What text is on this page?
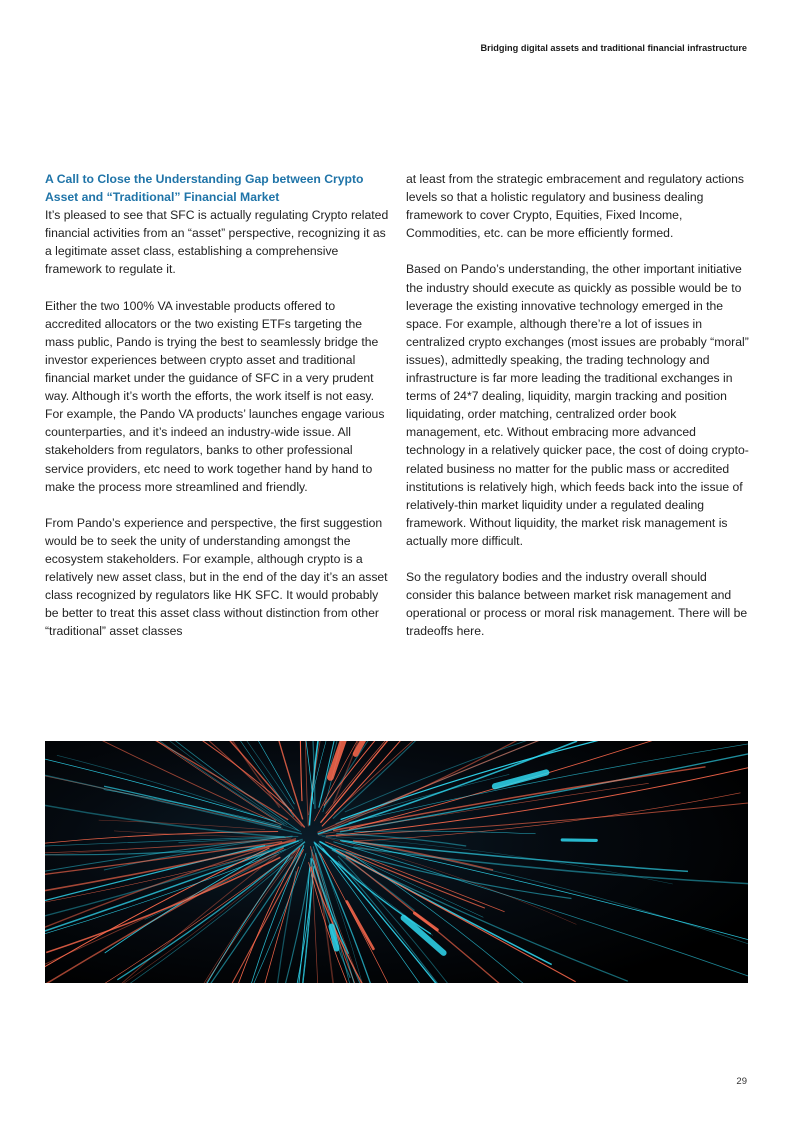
Bridging digital assets and traditional financial infrastructure

A Call to Close the Understanding Gap between Crypto Asset and “Traditional” Financial Market
It’s pleased to see that SFC is actually regulating Crypto related financial activities from an “asset” perspective, recognizing it as a legitimate asset class, establishing a comprehensive framework to regulate it.

Either the two 100% VA investable products offered to accredited allocators or the two existing ETFs targeting the mass public, Pando is trying the best to seamlessly bridge the investor experiences between crypto asset and traditional financial market under the guidance of SFC in a very prudent way. Although it’s worth the efforts, the work itself is not easy. For example, the Pando VA products’ launches engage various counterparties, and it’s indeed an industry-wide issue. All stakeholders from regulators, banks to other professional service providers, etc need to work together hand by hand to make the process more streamlined and friendly.

From Pando’s experience and perspective, the first suggestion would be to seek the unity of understanding amongst the ecosystem stakeholders. For example, although crypto is a relatively new asset class, but in the end of the day it’s an asset class recognized by regulators like HK SFC. It would probably be better to treat this asset class without distinction from other “traditional” asset classes

at least from the strategic embracement and regulatory actions levels so that a holistic regulatory and business dealing framework to cover Crypto, Equities, Fixed Income, Commodities, etc. can be more efficiently formed.

Based on Pando’s understanding, the other important initiative the industry should execute as quickly as possible would be to leverage the existing innovative technology emerged in the space. For example, although there’re a lot of issues in centralized crypto exchanges (most issues are probably “moral” issues), admittedly speaking, the trading technology and infrastructure is far more leading the traditional exchanges in terms of 24*7 dealing, liquidity, margin tracking and position liquidating, order matching, centralized order book management, etc. Without embracing more advanced technology in a relatively quicker pace, the cost of doing crypto-related business no matter for the public mass or accredited institutions is relatively high, which feeds back into the issue of relatively-thin market liquidity under a regulated dealing framework. Without liquidity, the market risk management is actually more difficult.

So the regulatory bodies and the industry overall should consider this balance between market risk management and operational or process or moral risk management. There will be tradeoffs here.

29
